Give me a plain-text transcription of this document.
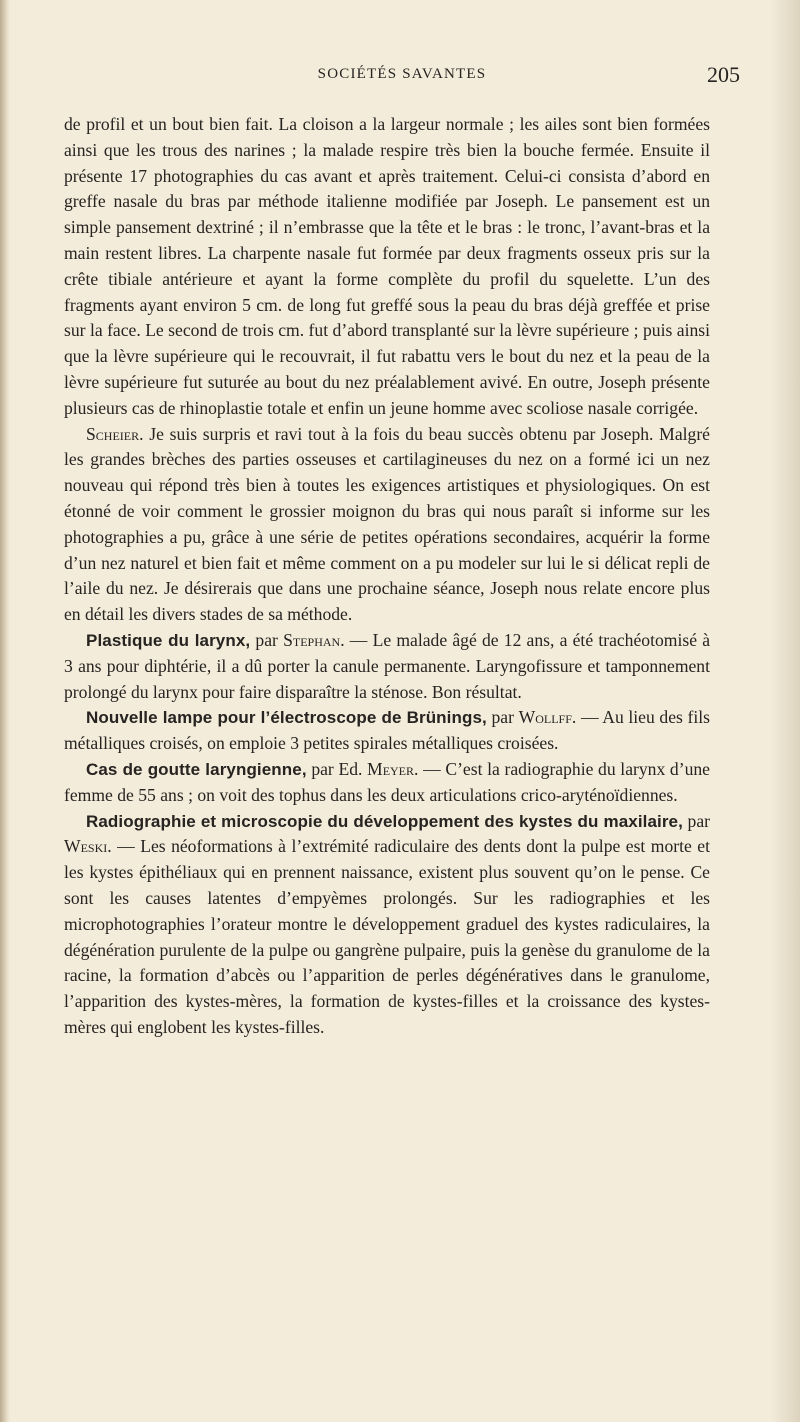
SOCIÉTÉS SAVANTES	205

de profil et un bout bien fait. La cloison a la largeur normale ; les ailes sont bien formées ainsi que les trous des narines ; la malade respire très bien la bouche fermée. Ensuite il présente 17 photographies du cas avant et après traitement. Celui-ci consista d’abord en greffe nasale du bras par méthode italienne modifiée par Joseph. Le pansement est un simple pansement dextriné ; il n’embrasse que la tête et le bras : le tronc, l’avant-bras et la main restent libres. La charpente nasale fut formée par deux fragments osseux pris sur la crête tibiale antérieure et ayant la forme complète du profil du squelette. L’un des fragments ayant environ 5 cm. de long fut greffé sous la peau du bras déjà greffée et prise sur la face. Le second de trois cm. fut d’abord transplanté sur la lèvre supérieure ; puis ainsi que la lèvre supérieure qui le recouvrait, il fut rabattu vers le bout du nez et la peau de la lèvre supérieure fut suturée au bout du nez préalablement avivé. En outre, Joseph présente plusieurs cas de rhinoplastie totale et enfin un jeune homme avec scoliose nasale corrigée.

Scheier. Je suis surpris et ravi tout à la fois du beau succès obtenu par Joseph. Malgré les grandes brèches des parties osseuses et cartilagineuses du nez on a formé ici un nez nouveau qui répond très bien à toutes les exigences artistiques et physiologiques. On est étonné de voir comment le grossier moignon du bras qui nous paraît si informe sur les photographies a pu, grâce à une série de petites opérations secondaires, acquérir la forme d’un nez naturel et bien fait et même comment on a pu modeler sur lui le si délicat repli de l’aile du nez. Je désirerais que dans une prochaine séance, Joseph nous relate encore plus en détail les divers stades de sa méthode.

Plastique du larynx, par Stephan. — Le malade âgé de 12 ans, a été trachéotomisé à 3 ans pour diphtérie, il a dû porter la canule permanente. Laryngofissure et tamponnement prolongé du larynx pour faire disparaître la sténose. Bon résultat.

Nouvelle lampe pour l’électroscope de Brünings, par Wollff. — Au lieu des fils métalliques croisés, on emploie 3 petites spirales métalliques croisées.

Cas de goutte laryngienne, par Ed. Meyer. — C’est la radiographie du larynx d’une femme de 55 ans ; on voit des tophus dans les deux articulations crico-aryténoïdiennes.

Radiographie et microscopie du développement des kystes du maxilaire, par Weski. — Les néoformations à l’extrémité radiculaire des dents dont la pulpe est morte et les kystes épithéliaux qui en prennent naissance, existent plus souvent qu’on le pense. Ce sont les causes latentes d’empyèmes prolongés. Sur les radiographies et les microphotographies l’orateur montre le développement graduel des kystes radiculaires, la dégénération purulente de la pulpe ou gangrène pulpaire, puis la genèse du granulome de la racine, la formation d’abcès ou l’apparition de perles dégénératives dans le granulome, l’apparition des kystes-mères, la formation de kystes-filles et la croissance des kystes-mères qui englobent les kystes-filles.
